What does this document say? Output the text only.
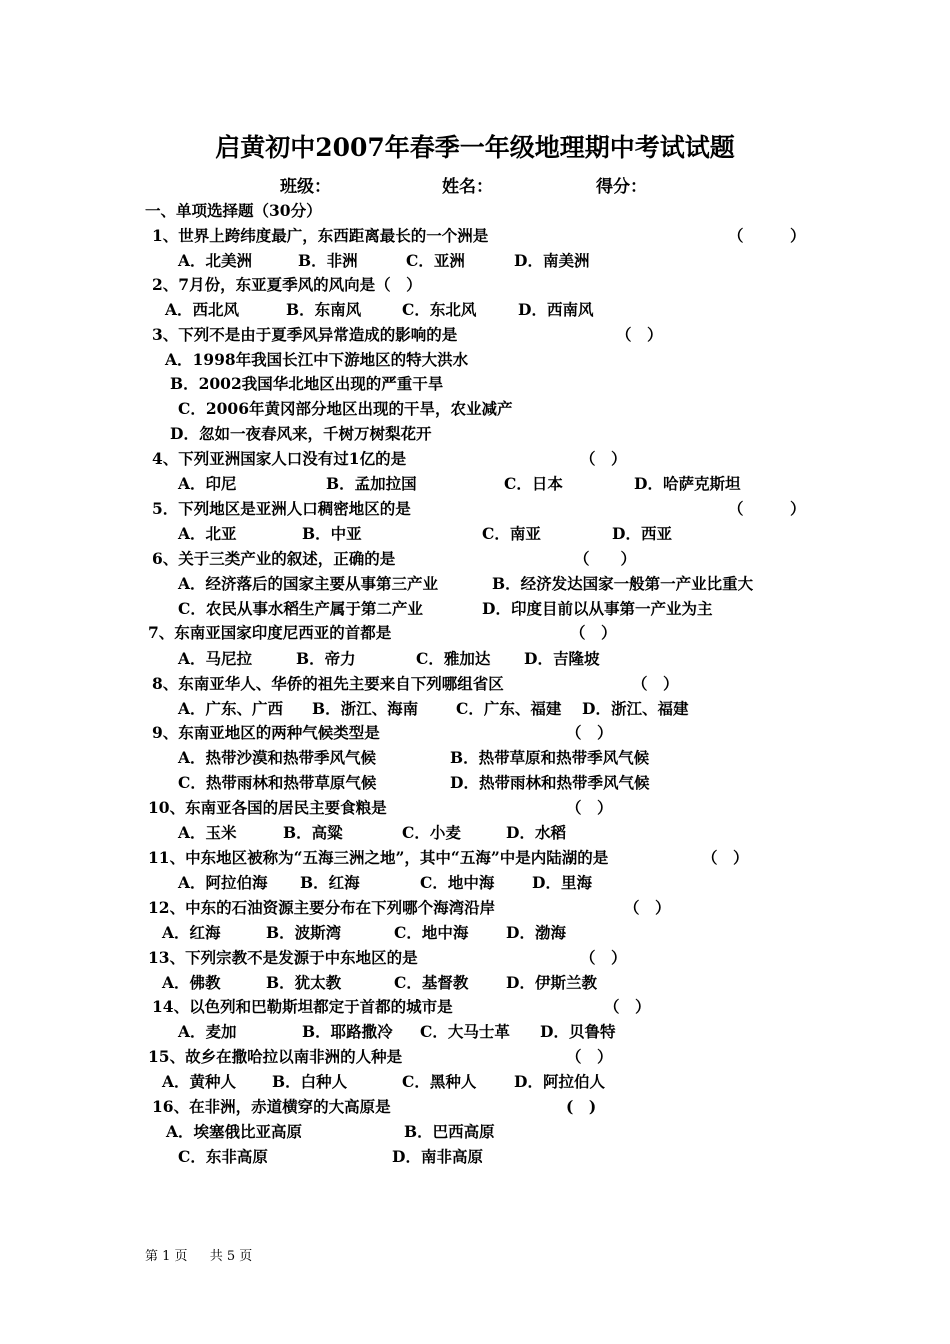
启黄初中2007年春季一年级地理期中考试试题
班级：	姓名：	得分：
一、单项选择题（30分）
1、世界上跨纬度最广，东西距离最长的一个洲是	（　　　）
A．北美洲	B．非洲	C．亚洲	D．南美洲
2、7月份，东亚夏季风的风向是（　）
A．西北风	B．东南风	C．东北风	D．西南风
3、下列不是由于夏季风异常造成的影响的是	（　）
A．1998年我国长江中下游地区的特大洪水
B．2002我国华北地区出现的严重干旱
C．2006年黄冈部分地区出现的干旱，农业减产
D．忽如一夜春风来，千树万树梨花开
4、下列亚洲国家人口没有过1亿的是	（　）
A．印尼	B．孟加拉国	C．日本	D．哈萨克斯坦
5．下列地区是亚洲人口稠密地区的是	（　　　）
A．北亚	B．中亚	C．南亚	D．西亚
6、关于三类产业的叙述，正确的是	（　　）
A．经济落后的国家主要从事第三产业	B．经济发达国家一般第一产业比重大
C．农民从事水稻生产属于第二产业	D．印度目前以从事第一产业为主
7、东南亚国家印度尼西亚的首都是	（　）
A．马尼拉	B．帝力	C．雅加达 D．吉隆坡
8、东南亚华人、华侨的祖先主要来自下列哪组省区	（　）
A．广东、广西 B．浙江、海南 C．广东、福建 D．浙江、福建
9、东南亚地区的两种气候类型是	（　）
A．热带沙漠和热带季风气候	B．热带草原和热带季风气候
C．热带雨林和热带草原气候	D．热带雨林和热带季风气候
10、东南亚各国的居民主要食粮是	（　）
A．玉米	B．高粱	C．小麦	D．水稻
11、中东地区被称为“五海三洲之地”，其中“五海”中是内陆湖的是	（　）
A．阿拉伯海 B．红海	C．地中海 D．里海
12、中东的石油资源主要分布在下列哪个海湾沿岸	（　）
A．红海	B．波斯湾	C．地中海 D．渤海
13、下列宗教不是发源于中东地区的是	（　）
A．佛教	B．犹太教	C．基督教 D．伊斯兰教
14、以色列和巴勒斯坦都定于首都的城市是	（　）
A．麦加	B．耶路撒冷 C．大马士革 D．贝鲁特
15、故乡在撒哈拉以南非洲的人种是	（　）
A．黄种人 B．白种人	C．黑种人 D．阿拉伯人
16、在非洲，赤道横穿的大高原是	(　)
A．埃塞俄比亚高原	B．巴西高原
C．东非高原	D．南非高原
第 1 页 共 5 页
